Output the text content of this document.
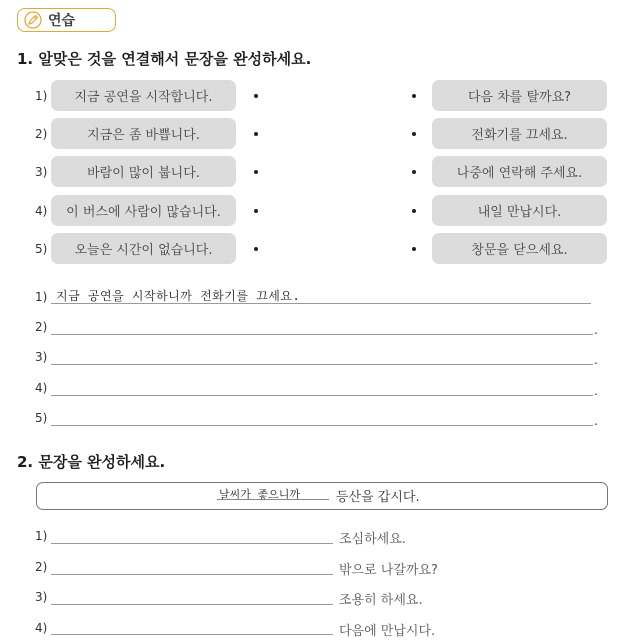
연습
1. 알맞은 것을 연결해서 문장을 완성하세요.
1)	지금 공연을 시작합니다.
2)	지금은 좀 바쁩니다.
3)	바람이 많이 붑니다.
4)	이 버스에 사람이 많습니다.
5)	오늘은 시간이 없습니다.
다음 차를 탈까요?
전화기를 끄세요.
나중에 연락해 주세요.
내일 만납시다.
창문을 닫으세요.
1) 지금 공연을 시작하니까 전화기를 끄세요.
2)	.
3)	.
4)	.
5)	.
2. 문장을 완성하세요.
날씨가 좋으니까	등산을 갑시다.
1)	조심하세요.
2)	밖으로 나갈까요?
3)	조용히 하세요.
4)	다음에 만납시다.
